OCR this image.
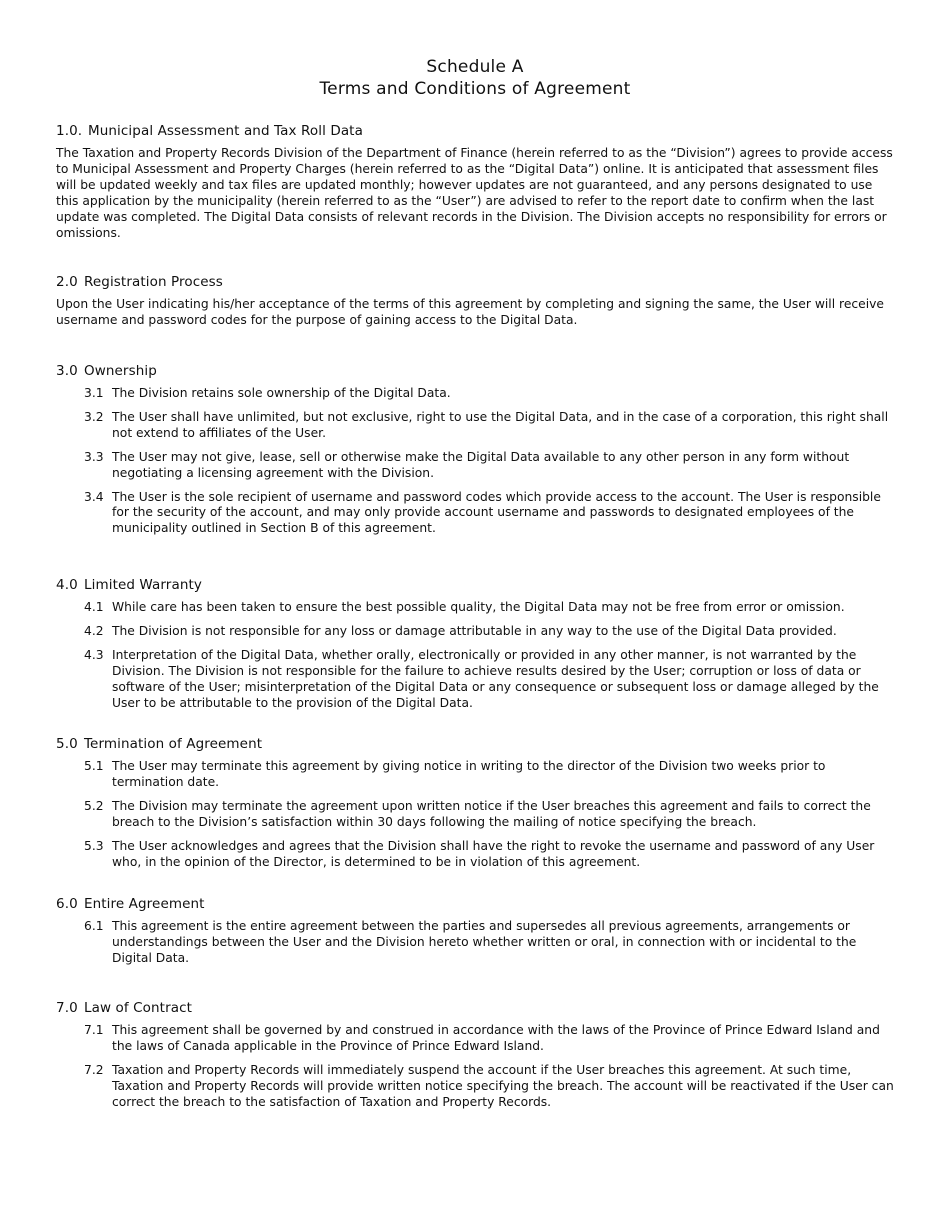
Schedule A
Terms and Conditions of Agreement
1.0. Municipal Assessment and Tax Roll Data
The Taxation and Property Records Division of the Department of Finance (herein referred to as the “Division”) agrees to provide access to Municipal Assessment and Property Charges (herein referred to as the “Digital Data”) online. It is anticipated that assessment files will be updated weekly and tax files are updated monthly; however updates are not guaranteed, and any persons designated to use this application by the municipality (herein referred to as the “User”) are advised to refer to the report date to confirm when the last update was completed. The Digital Data consists of relevant records in the Division. The Division accepts no responsibility for errors or omissions.
2.0 Registration Process
Upon the User indicating his/her acceptance of the terms of this agreement by completing and signing the same, the User will receive username and password codes for the purpose of gaining access to the Digital Data.
3.0 Ownership
3.1 The Division retains sole ownership of the Digital Data.
3.2 The User shall have unlimited, but not exclusive, right to use the Digital Data, and in the case of a corporation, this right shall not extend to affiliates of the User.
3.3 The User may not give, lease, sell or otherwise make the Digital Data available to any other person in any form without negotiating a licensing agreement with the Division.
3.4 The User is the sole recipient of username and password codes which provide access to the account. The User is responsible for the security of the account, and may only provide account username and passwords to designated employees of the municipality outlined in Section B of this agreement.
4.0 Limited Warranty
4.1 While care has been taken to ensure the best possible quality, the Digital Data may not be free from error or omission.
4.2 The Division is not responsible for any loss or damage attributable in any way to the use of the Digital Data provided.
4.3 Interpretation of the Digital Data, whether orally, electronically or provided in any other manner, is not warranted by the Division. The Division is not responsible for the failure to achieve results desired by the User; corruption or loss of data or software of the User; misinterpretation of the Digital Data or any consequence or subsequent loss or damage alleged by the User to be attributable to the provision of the Digital Data.
5.0 Termination of Agreement
5.1 The User may terminate this agreement by giving notice in writing to the director of the Division two weeks prior to termination date.
5.2 The Division may terminate the agreement upon written notice if the User breaches this agreement and fails to correct the breach to the Division’s satisfaction within 30 days following the mailing of notice specifying the breach.
5.3 The User acknowledges and agrees that the Division shall have the right to revoke the username and password of any User who, in the opinion of the Director, is determined to be in violation of this agreement.
6.0 Entire Agreement
6.1 This agreement is the entire agreement between the parties and supersedes all previous agreements, arrangements or understandings between the User and the Division hereto whether written or oral, in connection with or incidental to the Digital Data.
7.0 Law of Contract
7.1 This agreement shall be governed by and construed in accordance with the laws of the Province of Prince Edward Island and the laws of Canada applicable in the Province of Prince Edward Island.
7.2 Taxation and Property Records will immediately suspend the account if the User breaches this agreement. At such time, Taxation and Property Records will provide written notice specifying the breach. The account will be reactivated if the User can correct the breach to the satisfaction of Taxation and Property Records.
